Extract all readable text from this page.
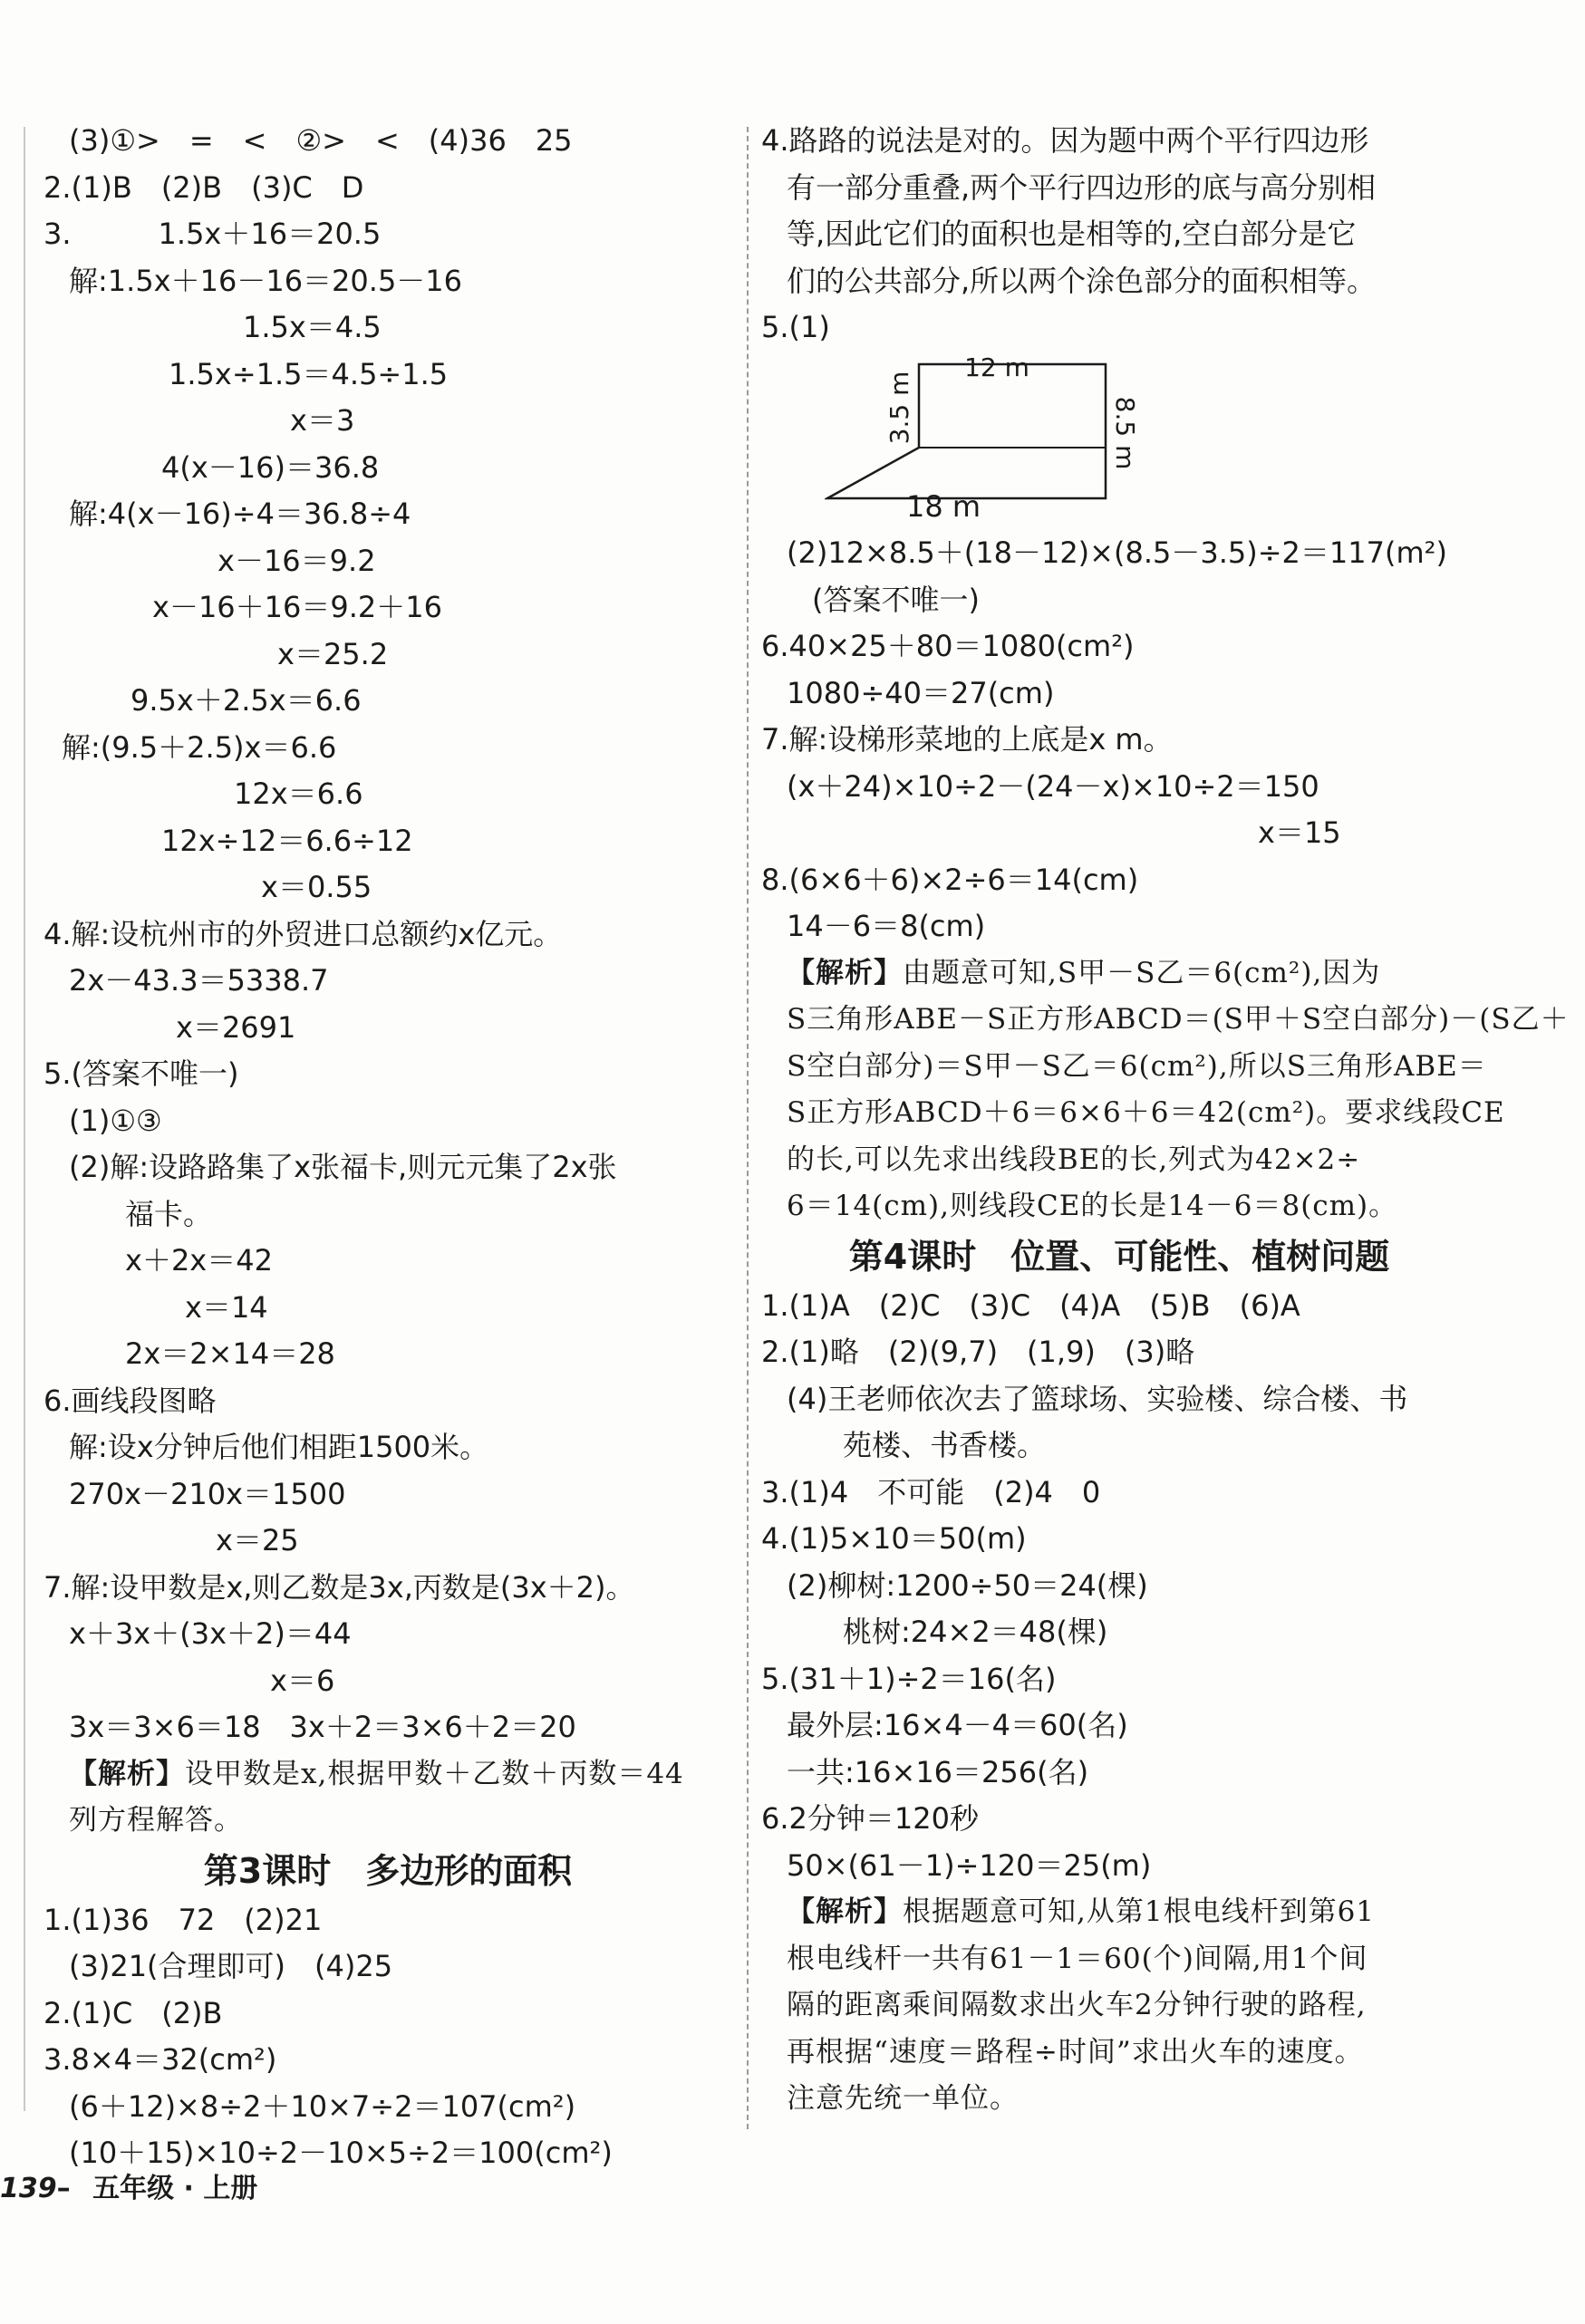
(3)①>　=　<　②>　<　(4)36　25
2.(1)B　(2)B　(3)C　D
3.　　　1.5x＋16＝20.5
解:1.5x＋16－16＝20.5－16
1.5x＝4.5
1.5x÷1.5＝4.5÷1.5
x＝3
4(x－16)＝36.8
解:4(x－16)÷4＝36.8÷4
x－16＝9.2
x－16＋16＝9.2＋16
x＝25.2
9.5x＋2.5x＝6.6
解:(9.5＋2.5)x＝6.6
12x＝6.6
12x÷12＝6.6÷12
x＝0.55
4.解:设杭州市的外贸进口总额约x亿元。
2x－43.3＝5338.7
x＝2691
5.(答案不唯一)
(1)①③
(2)解:设路路集了x张福卡,则元元集了2x张
福卡。
x＋2x＝42
x＝14
2x＝2×14＝28
6.画线段图略
解:设x分钟后他们相距1500米。
270x－210x＝1500
x＝25
7.解:设甲数是x,则乙数是3x,丙数是(3x＋2)。
x＋3x＋(3x＋2)＝44
x＝6
3x＝3×6＝18　3x＋2＝3×6＋2＝20
【解析】设甲数是x,根据甲数＋乙数＋丙数＝44
列方程解答。
第3课时　多边形的面积
1.(1)36　72　(2)21
(3)21(合理即可)　(4)25
2.(1)C　(2)B
3.8×4＝32(cm²)
(6＋12)×8÷2＋10×7÷2＝107(cm²)
(10＋15)×10÷2－10×5÷2＝100(cm²)
4.路路的说法是对的。因为题中两个平行四边形
有一部分重叠,两个平行四边形的底与高分别相
等,因此它们的面积也是相等的,空白部分是它
们的公共部分,所以两个涂色部分的面积相等。
5.(1)
12 m
3.5 m	8.5 m
18 m
(2)12×8.5＋(18－12)×(8.5－3.5)÷2＝117(m²)
(答案不唯一)
6.40×25＋80＝1080(cm²)
1080÷40＝27(cm)
7.解:设梯形菜地的上底是x m。
(x＋24)×10÷2－(24－x)×10÷2＝150
x＝15
8.(6×6＋6)×2÷6＝14(cm)
14－6＝8(cm)
【解析】由题意可知,S甲－S乙＝6(cm²),因为
S三角形ABE－S正方形ABCD＝(S甲＋S空白部分)－(S乙＋
S空白部分)＝S甲－S乙＝6(cm²),所以S三角形ABE＝
S正方形ABCD＋6＝6×6＋6＝42(cm²)。要求线段CE
的长,可以先求出线段BE的长,列式为42×2÷
6＝14(cm),则线段CE的长是14－6＝8(cm)。
第4课时　位置、可能性、植树问题
1.(1)A　(2)C　(3)C　(4)A　(5)B　(6)A
2.(1)略　(2)(9,7)　(1,9)　(3)略
(4)王老师依次去了篮球场、实验楼、综合楼、书
苑楼、书香楼。
3.(1)4　不可能　(2)4　0
4.(1)5×10＝50(m)
(2)柳树:1200÷50＝24(棵)
桃树:24×2＝48(棵)
5.(31＋1)÷2＝16(名)
最外层:16×4－4＝60(名)
一共:16×16＝256(名)
6.2分钟＝120秒
50×(61－1)÷120＝25(m)
【解析】根据题意可知,从第1根电线杆到第61
根电线杆一共有61－1＝60(个)间隔,用1个间
隔的距离乘间隔数求出火车2分钟行驶的路程,
再根据“速度＝路程÷时间”求出火车的速度。
注意先统一单位。
139– 五年级 · 上册
